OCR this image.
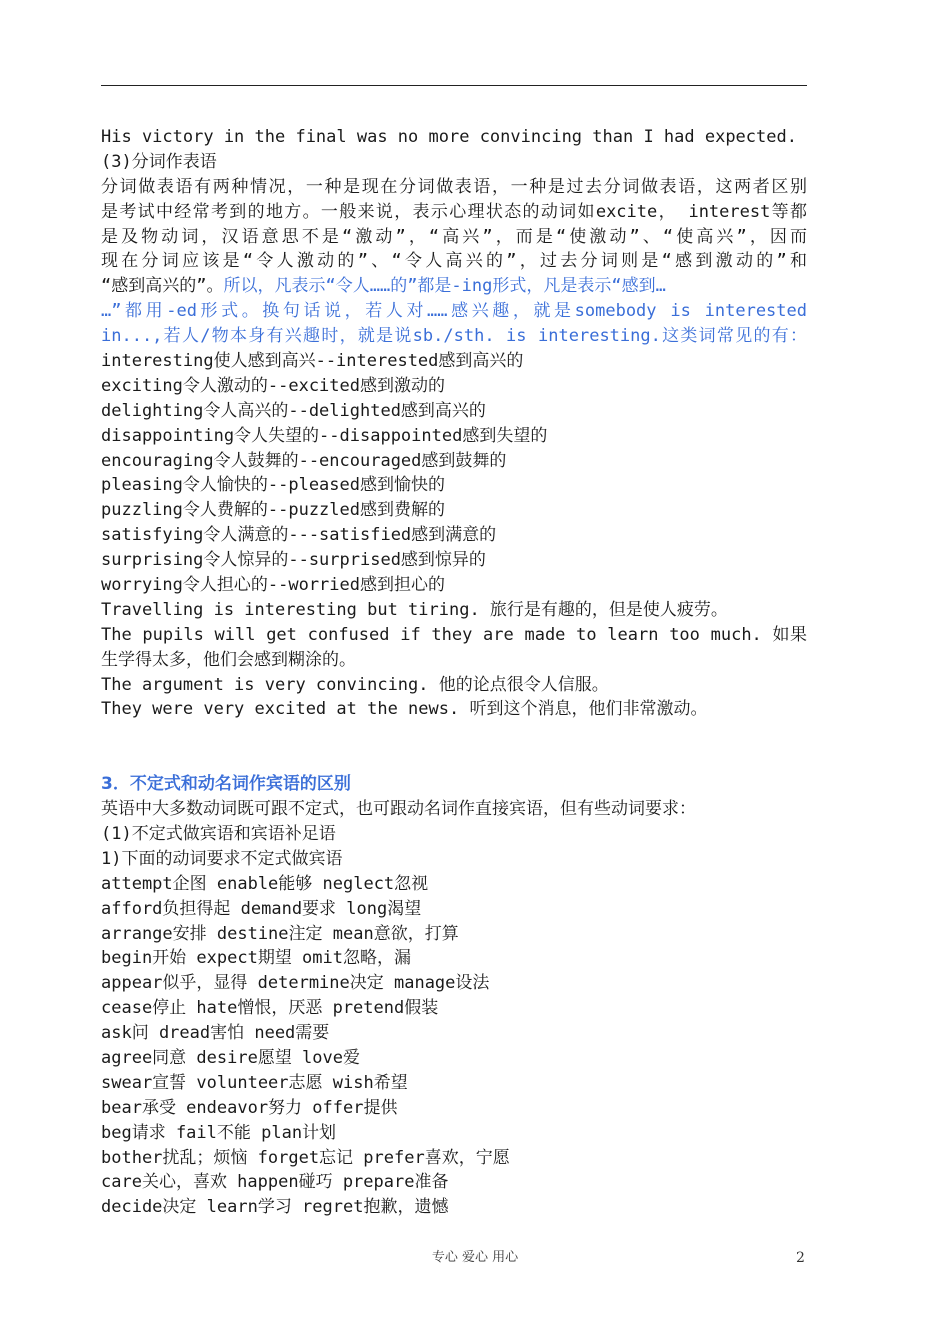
His victory in the final was no more convincing than I had expected.
(3)分词作表语
分词做表语有两种情况，一种是现在分词做表语，一种是过去分词做表语，这两者区别
是考试中经常考到的地方。一般来说，表示心理状态的动词如excite， interest等都
是及物动词，汉语意思不是“激动”，“高兴”，而是“使激动”、“使高兴”，因而
现在分词应该是“令人激动的”、“令人高兴的”，过去分词则是“感到激动的”和
“感到高兴的”。所以，凡表示“令人……的”都是-ing形式，凡是表示“感到…
…”都用-ed形式。换句话说，若人对……感兴趣，就是somebody is interested
in...,若人/物本身有兴趣时，就是说sb./sth. is interesting.这类词常见的有：
interesting使人感到高兴--interested感到高兴的
exciting令人激动的--excited感到激动的
delighting令人高兴的--delighted感到高兴的
disappointing令人失望的--disappointed感到失望的
encouraging令人鼓舞的--encouraged感到鼓舞的
pleasing令人愉快的--pleased感到愉快的
puzzling令人费解的--puzzled感到费解的
satisfying令人满意的---satisfied感到满意的
surprising令人惊异的--surprised感到惊异的
worrying令人担心的--worried感到担心的
Travelling is interesting but tiring. 旅行是有趣的，但是使人疲劳。
The pupils will get confused if they are made to learn too much. 如果
生学得太多，他们会感到糊涂的。
The argument is very convincing. 他的论点很令人信服。
They were very excited at the news. 听到这个消息，他们非常激动。
3．不定式和动名词作宾语的区别
英语中大多数动词既可跟不定式，也可跟动名词作直接宾语，但有些动词要求：
(1)不定式做宾语和宾语补足语
1)下面的动词要求不定式做宾语
attempt企图 enable能够 neglect忽视
afford负担得起 demand要求 long渴望
arrange安排 destine注定 mean意欲，打算
begin开始 expect期望 omit忽略，漏
appear似乎，显得 determine决定 manage设法
cease停止 hate憎恨，厌恶 pretend假装
ask问 dread害怕 need需要
agree同意 desire愿望 love爱
swear宣誓 volunteer志愿 wish希望
bear承受 endeavor努力 offer提供
beg请求 fail不能 plan计划
bother扰乱；烦恼 forget忘记 prefer喜欢，宁愿
care关心，喜欢 happen碰巧 prepare准备
decide决定 learn学习 regret抱歉，遗憾
专心 爱心 用心	2
